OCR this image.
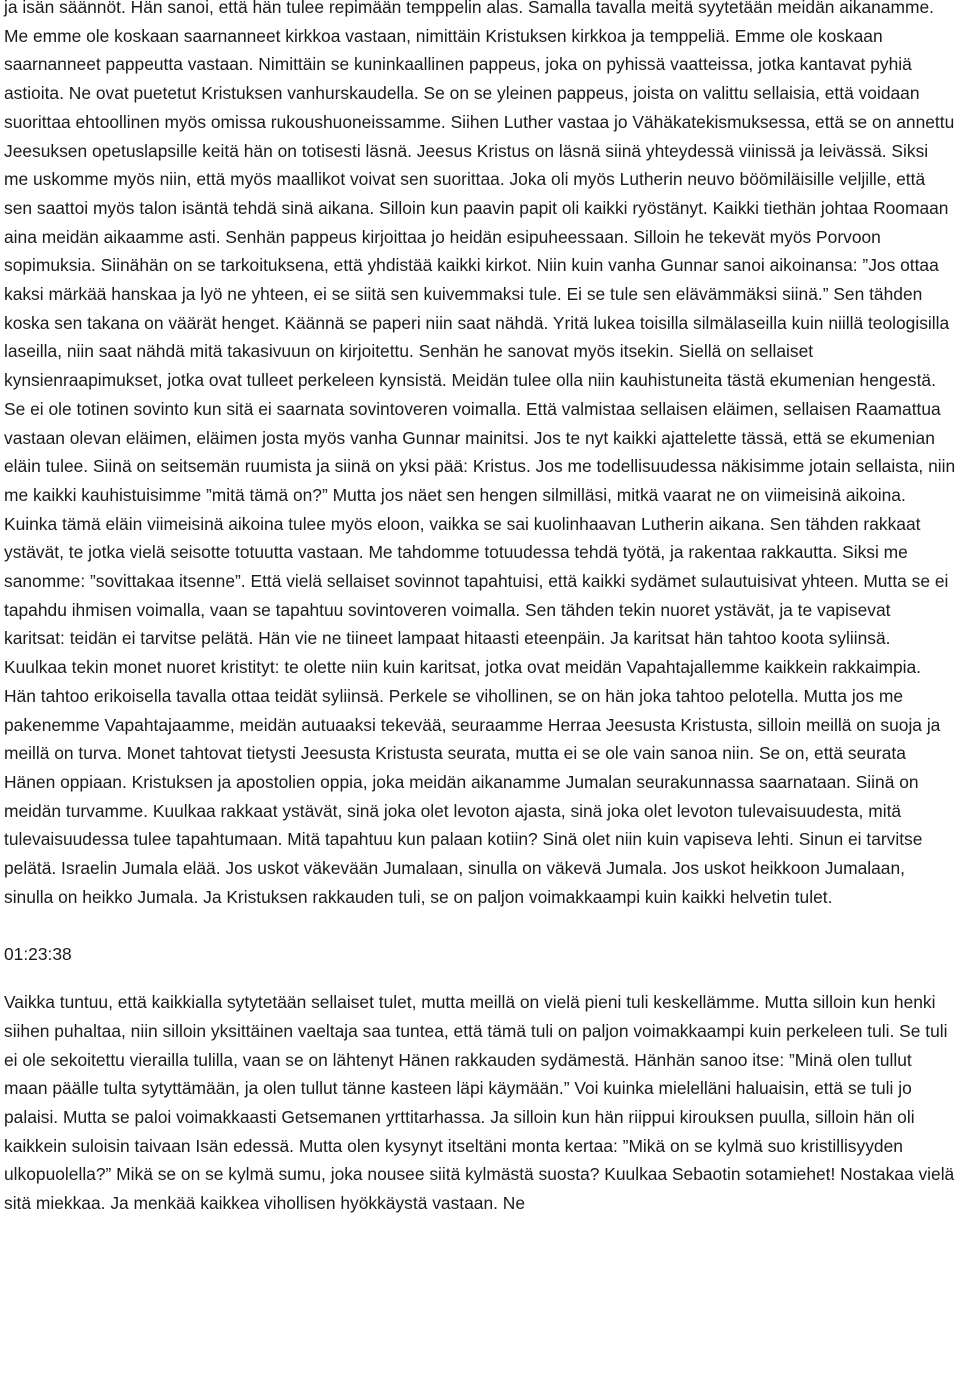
ja isän säännöt. Hän sanoi, että hän tulee repimään temppelin alas. Samalla tavalla meitä syytetään meidän aikanamme. Me emme ole koskaan saarnanneet kirkkoa vastaan, nimittäin Kristuksen kirkkoa ja temppeliä. Emme ole koskaan saarnanneet pappeutta vastaan. Nimittäin se kuninkaallinen pappeus, joka on pyhissä vaatteissa, jotka kantavat pyhiä astioita. Ne ovat puetetut Kristuksen vanhurskaudella. Se on se yleinen pappeus, joista on valittu sellaisia, että voidaan suorittaa ehtoollinen myös omissa rukoushuoneissamme. Siihen Luther vastaa jo Vähäkatekismuksessa, että se on annettu Jeesuksen opetuslapsille keitä hän on totisesti läsnä. Jeesus Kristus on läsnä siinä yhteydessä viinissä ja leivässä. Siksi me uskomme myös niin, että myös maallikot voivat sen suorittaa. Joka oli myös Lutherin neuvo böömiläisille veljille, että sen saattoi myös talon isäntä tehdä sinä aikana. Silloin kun paavin papit oli kaikki ryöstänyt. Kaikki tiethän johtaa Roomaan aina meidän aikaamme asti. Senhän pappeus kirjoittaa jo heidän esipuheessaan. Silloin he tekevät myös Porvoon sopimuksia. Siinähän on se tarkoituksena, että yhdistää kaikki kirkot. Niin kuin vanha Gunnar sanoi aikoinansa: ”Jos ottaa kaksi märkää hanskaa ja lyö ne yhteen, ei se siitä sen kuivemmaksi tule. Ei se tule sen elävämmäksi siinä.” Sen tähden koska sen takana on väärät henget. Käännä se paperi niin saat nähdä. Yritä lukea toisilla silmälaseilla kuin niillä teologisilla laseilla, niin saat nähdä mitä takasivuun on kirjoitettu. Senhän he sanovat myös itsekin. Siellä on sellaiset kynsienraapimukset, jotka ovat tulleet perkeleen kynsistä. Meidän tulee olla niin kauhistuneita tästä ekumenian hengestä. Se ei ole totinen sovinto kun sitä ei saarnata sovintoveren voimalla. Että valmistaa sellaisen eläimen, sellaisen Raamattua vastaan olevan eläimen, eläimen josta myös vanha Gunnar mainitsi. Jos te nyt kaikki ajattelette tässä, että se ekumenian eläin tulee. Siinä on seitsemän ruumista ja siinä on yksi pää: Kristus. Jos me todellisuudessa näkisimme jotain sellaista, niin me kaikki kauhistuisimme ”mitä tämä on?” Mutta jos näet sen hengen silmilläsi, mitkä vaarat ne on viimeisinä aikoina. Kuinka tämä eläin viimeisinä aikoina tulee myös eloon, vaikka se sai kuolinhaavan Lutherin aikana. Sen tähden rakkaat ystävät, te jotka vielä seisotte totuutta vastaan. Me tahdomme totuudessa tehdä työtä, ja rakentaa rakkautta. Siksi me sanomme: ”sovittakaa itsenne”. Että vielä sellaiset sovinnot tapahtuisi, että kaikki sydämet sulautuisivat yhteen. Mutta se ei tapahdu ihmisen voimalla, vaan se tapahtuu sovintoveren voimalla. Sen tähden tekin nuoret ystävät, ja te vapisevat karitsat: teidän ei tarvitse pelätä. Hän vie ne tiineet lampaat hitaasti eteenpäin. Ja karitsat hän tahtoo koota syliinsä. Kuulkaa tekin monet nuoret kristityt: te olette niin kuin karitsat, jotka ovat meidän Vapahtajallemme kaikkein rakkaimpia. Hän tahtoo erikoisella tavalla ottaa teidät syliinsä. Perkele se vihollinen, se on hän joka tahtoo pelotella. Mutta jos me pakenemme Vapahtajaamme, meidän autuaaksi tekevää, seuraamme Herraa Jeesusta Kristusta, silloin meillä on suoja ja meillä on turva. Monet tahtovat tietysti Jeesusta Kristusta seurata, mutta ei se ole vain sanoa niin. Se on, että seurata Hänen oppiaan. Kristuksen ja apostolien oppia, joka meidän aikanamme Jumalan seurakunnassa saarnataan. Siinä on meidän turvamme. Kuulkaa rakkaat ystävät, sinä joka olet levoton ajasta, sinä joka olet levoton tulevaisuudesta, mitä tulevaisuudessa tulee tapahtumaan. Mitä tapahtuu kun palaan kotiin? Sinä olet niin kuin vapiseva lehti. Sinun ei tarvitse pelätä. Israelin Jumala elää. Jos uskot väkevään Jumalaan, sinulla on väkevä Jumala. Jos uskot heikkoon Jumalaan, sinulla on heikko Jumala. Ja Kristuksen rakkauden tuli, se on paljon voimakkaampi kuin kaikki helvetin tulet.

01:23:38

Vaikka tuntuu, että kaikkialla sytytetään sellaiset tulet, mutta meillä on vielä pieni tuli keskellämme. Mutta silloin kun henki siihen puhaltaa, niin silloin yksittäinen vaeltaja saa tuntea, että tämä tuli on paljon voimakkaampi kuin perkeleen tuli. Se tuli ei ole sekoitettu vierailla tulilla, vaan se on lähtenyt Hänen rakkauden sydämestä. Hänhän sanoo itse: ”Minä olen tullut maan päälle tulta sytyttämään, ja olen tullut tänne kasteen läpi käymään.” Voi kuinka mielelläni haluaisin, että se tuli jo palaisi. Mutta se paloi voimakkaasti Getsemanen yrttitarhassa. Ja silloin kun hän riippui kirouksen puulla, silloin hän oli kaikkein suloisin taivaan Isän edessä. Mutta olen kysynyt itseltäni monta kertaa: ”Mikä on se kylmä suo kristillisyyden ulkopuolella?” Mikä se on se kylmä sumu, joka nousee siitä kylmästä suosta? Kuulkaa Sebaotin sotamiehet! Nostakaa vielä sitä miekkaa. Ja menkää kaikkea vihollisen hyökkäystä vastaan. Ne
